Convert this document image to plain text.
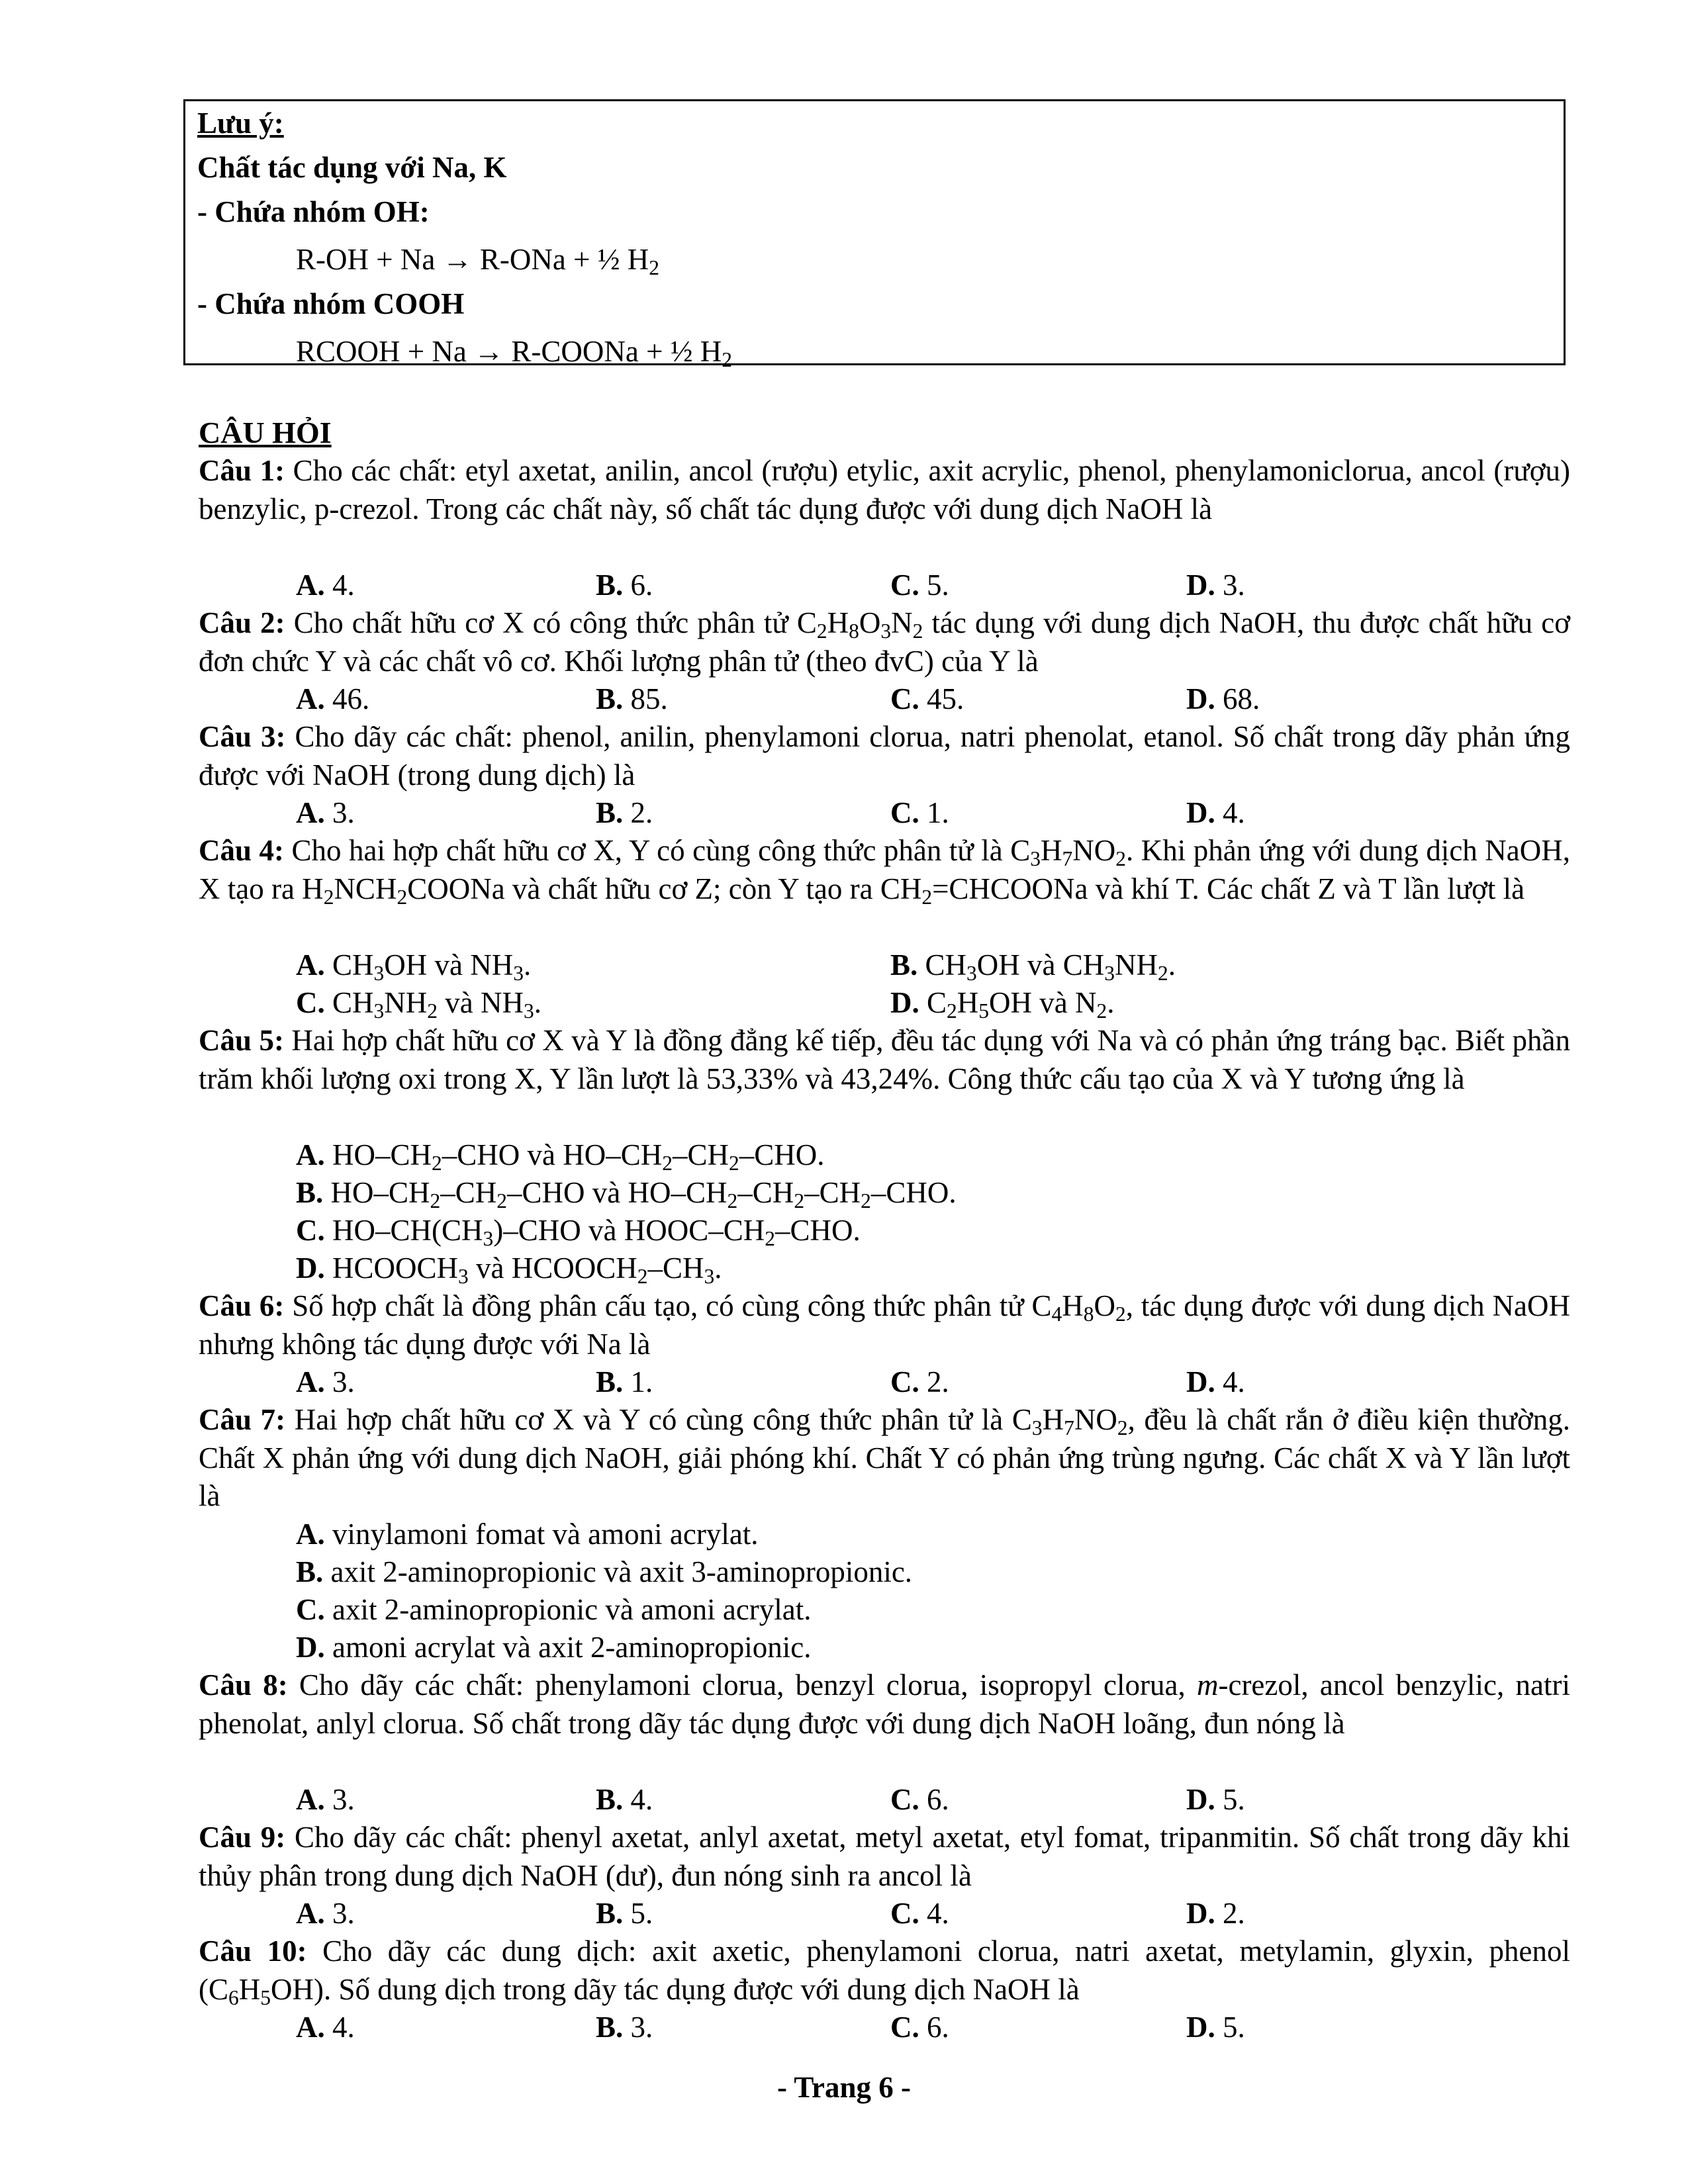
Lưu ý:
Chất tác dụng với Na, K
- Chứa nhóm OH:
R-OH + Na → R-ONa + ½ $H_2$
- Chứa nhóm COOH
RCOOH + Na → R-COONa + ½ $H_2$
CÂU HỎI
Câu 1: Cho các chất: etyl axetat, anilin, ancol (rượu) etylic, axit acrylic, phenol, phenylamoniclorua, ancol (rượu) benzylic, p-crezol. Trong các chất này, số chất tác dụng được với dung dịch NaOH là
A. 4.	B. 6.	C. 5.	D. 3.
Câu 2: Cho chất hữu cơ X có công thức phân tử $C_2H_8O_3N_2$ tác dụng với dung dịch NaOH, thu được chất hữu cơ đơn chức Y và các chất vô cơ. Khối lượng phân tử (theo đvC) của Y là
A. 46.	B. 85.	C. 45.	D. 68.
Câu 3: Cho dãy các chất: phenol, anilin, phenylamoni clorua, natri phenolat, etanol. Số chất trong dãy phản ứng được với NaOH (trong dung dịch) là
A. 3.	B. 2.	C. 1.	D. 4.
Câu 4: Cho hai hợp chất hữu cơ X, Y có cùng công thức phân tử là $C_3H_7NO_2$. Khi phản ứng với dung dịch NaOH, X tạo ra $H_2NCH_2COONa$ và chất hữu cơ Z; còn Y tạo ra $CH_2=CHCOONa$ và khí T. Các chất Z và T lần lượt là
A. $CH_3OH$ và $NH_3$.	B. $CH_3OH$ và $CH_3NH_2$.
C. $CH_3NH_2$ và $NH_3$.	D. $C_2H_5OH$ và $N_2$.
Câu 5: Hai hợp chất hữu cơ X và Y là đồng đẳng kế tiếp, đều tác dụng với Na và có phản ứng tráng bạc. Biết phần trăm khối lượng oxi trong X, Y lần lượt là 53,33% và 43,24%. Công thức cấu tạo của X và Y tương ứng là
A. $HO-CH_2$–CHO và $HO-CH_2-CH_2$–CHO.
B. $HO-CH_2-CH_2$–CHO và $HO-CH_2-CH_2-CH_2$–CHO.
C. $HO-CH(CH_3)$–CHO và HOOC–$CH_2$–CHO.
D. $HCOOCH_3$ và $HCOOCH_2-CH_3$.
Câu 6: Số hợp chất là đồng phân cấu tạo, có cùng công thức phân tử $C_4H_8O_2$, tác dụng được với dung dịch NaOH nhưng không tác dụng được với Na là
A. 3.	B. 1.	C. 2.	D. 4.
Câu 7: Hai hợp chất hữu cơ X và Y có cùng công thức phân tử là $C_3H_7NO_2$, đều là chất rắn ở điều kiện thường. Chất X phản ứng với dung dịch NaOH, giải phóng khí. Chất Y có phản ứng trùng ngưng. Các chất X và Y lần lượt là
A. vinylamoni fomat và amoni acrylat.
B. axit 2-aminopropionic và axit 3-aminopropionic.
C. axit 2-aminopropionic và amoni acrylat.
D. amoni acrylat và axit 2-aminopropionic.
Câu 8: Cho dãy các chất: phenylamoni clorua, benzyl clorua, isopropyl clorua, m-crezol, ancol benzylic, natri phenolat, anlyl clorua. Số chất trong dãy tác dụng được với dung dịch NaOH loãng, đun nóng là
A. 3.	B. 4.	C. 6.	D. 5.
Câu 9: Cho dãy các chất: phenyl axetat, anlyl axetat, metyl axetat, etyl fomat, tripanmitin. Số chất trong dãy khi thủy phân trong dung dịch NaOH (dư), đun nóng sinh ra ancol là
A. 3.	B. 5.	C. 4.	D. 2.
Câu 10: Cho dãy các dung dịch: axit axetic, phenylamoni clorua, natri axetat, metylamin, glyxin, phenol $(C_6H_5OH)$. Số dung dịch trong dãy tác dụng được với dung dịch NaOH là
A. 4.	B. 3.	C. 6.	D. 5.
- Trang 6 -
